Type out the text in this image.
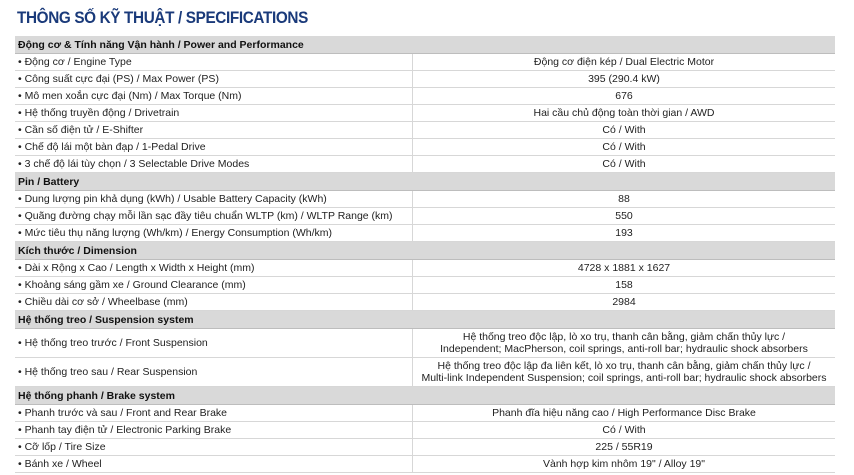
THÔNG SỐ KỸ THUẬT / SPECIFICATIONS
Động cơ & Tính năng Vận hành / Power and Performance
• Động cơ / Engine Type	Động cơ điện kép / Dual Electric Motor
• Công suất cực đại (PS) / Max Power (PS)	395 (290.4 kW)
• Mô men xoắn cực đại (Nm) / Max Torque (Nm)	676
• Hệ thống truyền động / Drivetrain	Hai cầu chủ động toàn thời gian / AWD
• Cần số điện tử / E-Shifter	Có / With
• Chế độ lái một bàn đạp / 1-Pedal Drive	Có / With
• 3 chế độ lái tùy chọn / 3 Selectable Drive Modes	Có / With
Pin / Battery
• Dung lượng pin khả dụng (kWh) / Usable Battery Capacity (kWh)	88
• Quãng đường chạy mỗi lần sạc đầy tiêu chuẩn WLTP (km) / WLTP Range (km)	550
• Mức tiêu thụ năng lượng (Wh/km) / Energy Consumption (Wh/km)	193
Kích thước / Dimension
• Dài x Rộng x Cao / Length x Width x Height (mm)	4728 x 1881 x 1627
• Khoảng sáng gầm xe / Ground Clearance (mm)	158
• Chiều dài cơ sở / Wheelbase (mm)	2984
Hệ thống treo / Suspension system
• Hệ thống treo trước / Front Suspension	Hệ thống treo độc lập, lò xo trụ, thanh cân bằng, giảm chấn thủy lực /
Independent; MacPherson, coil springs, anti-roll bar; hydraulic shock absorbers
• Hệ thống treo sau / Rear Suspension	Hệ thống treo độc lập đa liên kết, lò xo trụ, thanh cân bằng, giảm chấn thủy lực /
Multi-link Independent Suspension; coil springs, anti-roll bar; hydraulic shock absorbers
Hệ thống phanh / Brake system
• Phanh trước và sau / Front and Rear Brake	Phanh đĩa hiệu năng cao / High Performance Disc Brake
• Phanh tay điện tử / Electronic Parking Brake	Có / With
• Cỡ lốp / Tire Size	225 / 55R19
• Bánh xe / Wheel	Vành hợp kim nhôm 19" / Alloy 19"
